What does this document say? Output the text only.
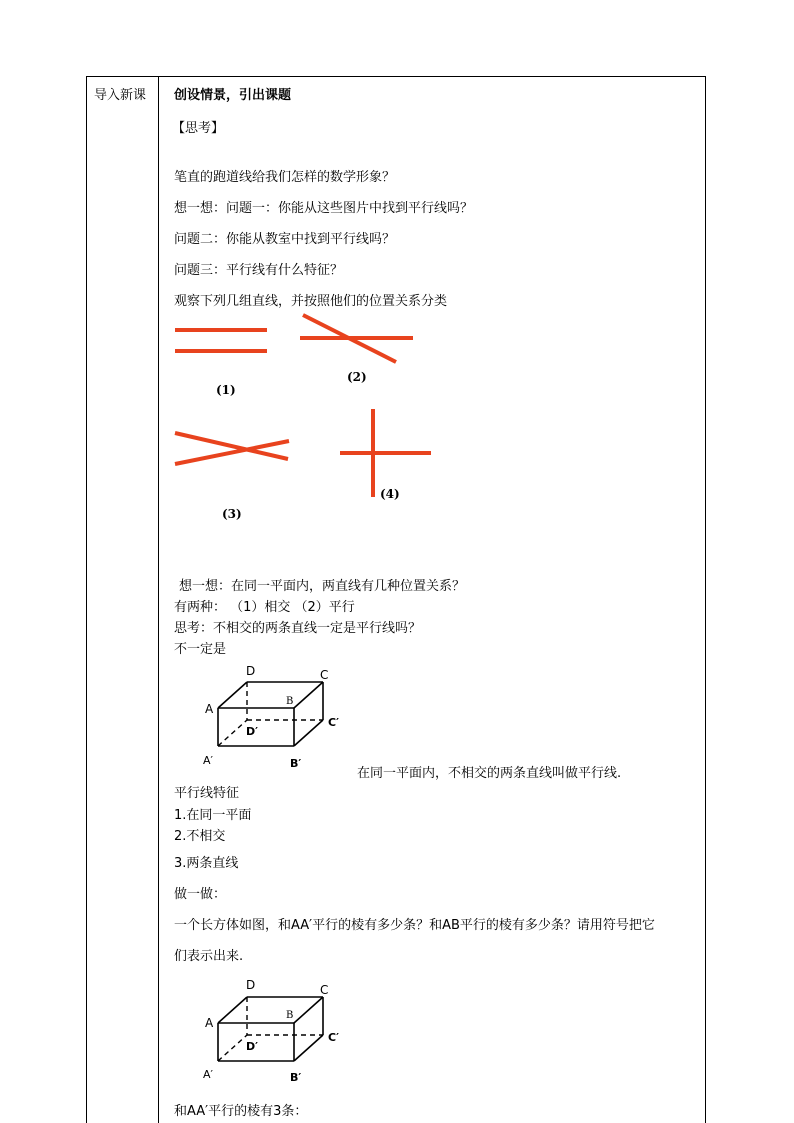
导入新课 创设情景，引出课题
【思考】
笔直的跑道线给我们怎样的数学形象？
想一想：问题一：你能从这些图片中找到平行线吗？
问题二：你能从教室中找到平行线吗？
问题三：平行线有什么特征？
观察下列几组直线，并按照他们的位置关系分类
(1)
(2)
(3)
(4)
想一想：在同一平面内，两直线有几种位置关系？
有两种： （1）相交 （2）平行
思考：不相交的两条直线一定是平行线吗？
不一定是
D	C
A
B
C′
D′
A′	B′
在同一平面内，不相交的两条直线叫做平行线.
平行线特征
1.在同一平面
2.不相交
3.两条直线
做一做：
一个长方体如图，和AA′平行的棱有多少条？和AB平行的棱有多少条？请用符号把它
们表示出来.
D	C
A
B
C′
D′
A′	B′
和AA′平行的棱有3条：
